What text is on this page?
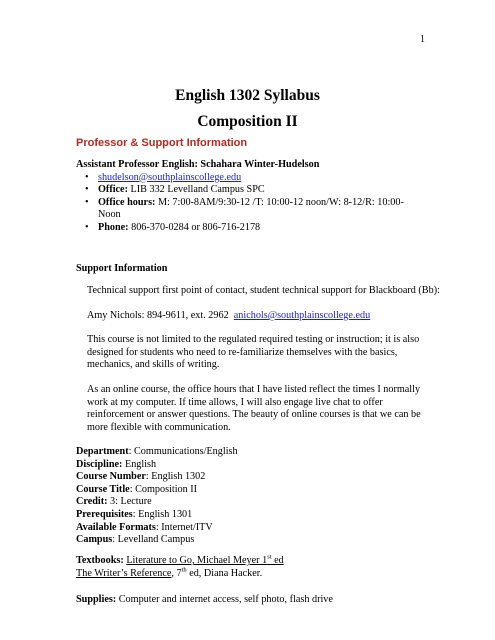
1
English 1302 Syllabus
Composition II
Professor & Support Information
Assistant Professor English: Schahara Winter-Hudelson
• shudelson@southplainscollege.edu
• Office: LIB 332 Levelland Campus SPC
• Office hours: M: 7:00-8AM/9:30-12 /T: 10:00-12 noon/W: 8-12/R: 10:00-Noon
• Phone: 806-370-0284 or 806-716-2178
Support Information
Technical support first point of contact, student technical support for Blackboard (Bb):
Amy Nichols: 894-9611, ext. 2962 anichols@southplainscollege.edu
This course is not limited to the regulated required testing or instruction; it is also designed for students who need to re-familiarize themselves with the basics, mechanics, and skills of writing.
As an online course, the office hours that I have listed reflect the times I normally work at my computer. If time allows, I will also engage live chat to offer reinforcement or answer questions. The beauty of online courses is that we can be more flexible with communication.
Department: Communications/English
Discipline: English
Course Number: English 1302
Course Title: Composition II
Credit: 3: Lecture
Prerequisites: English 1301
Available Formats: Internet/ITV
Campus: Levelland Campus
Textbooks: Literature to Go, Michael Meyer 1st ed
The Writer’s Reference, 7th ed, Diana Hacker.
Supplies: Computer and internet access, self photo, flash drive
